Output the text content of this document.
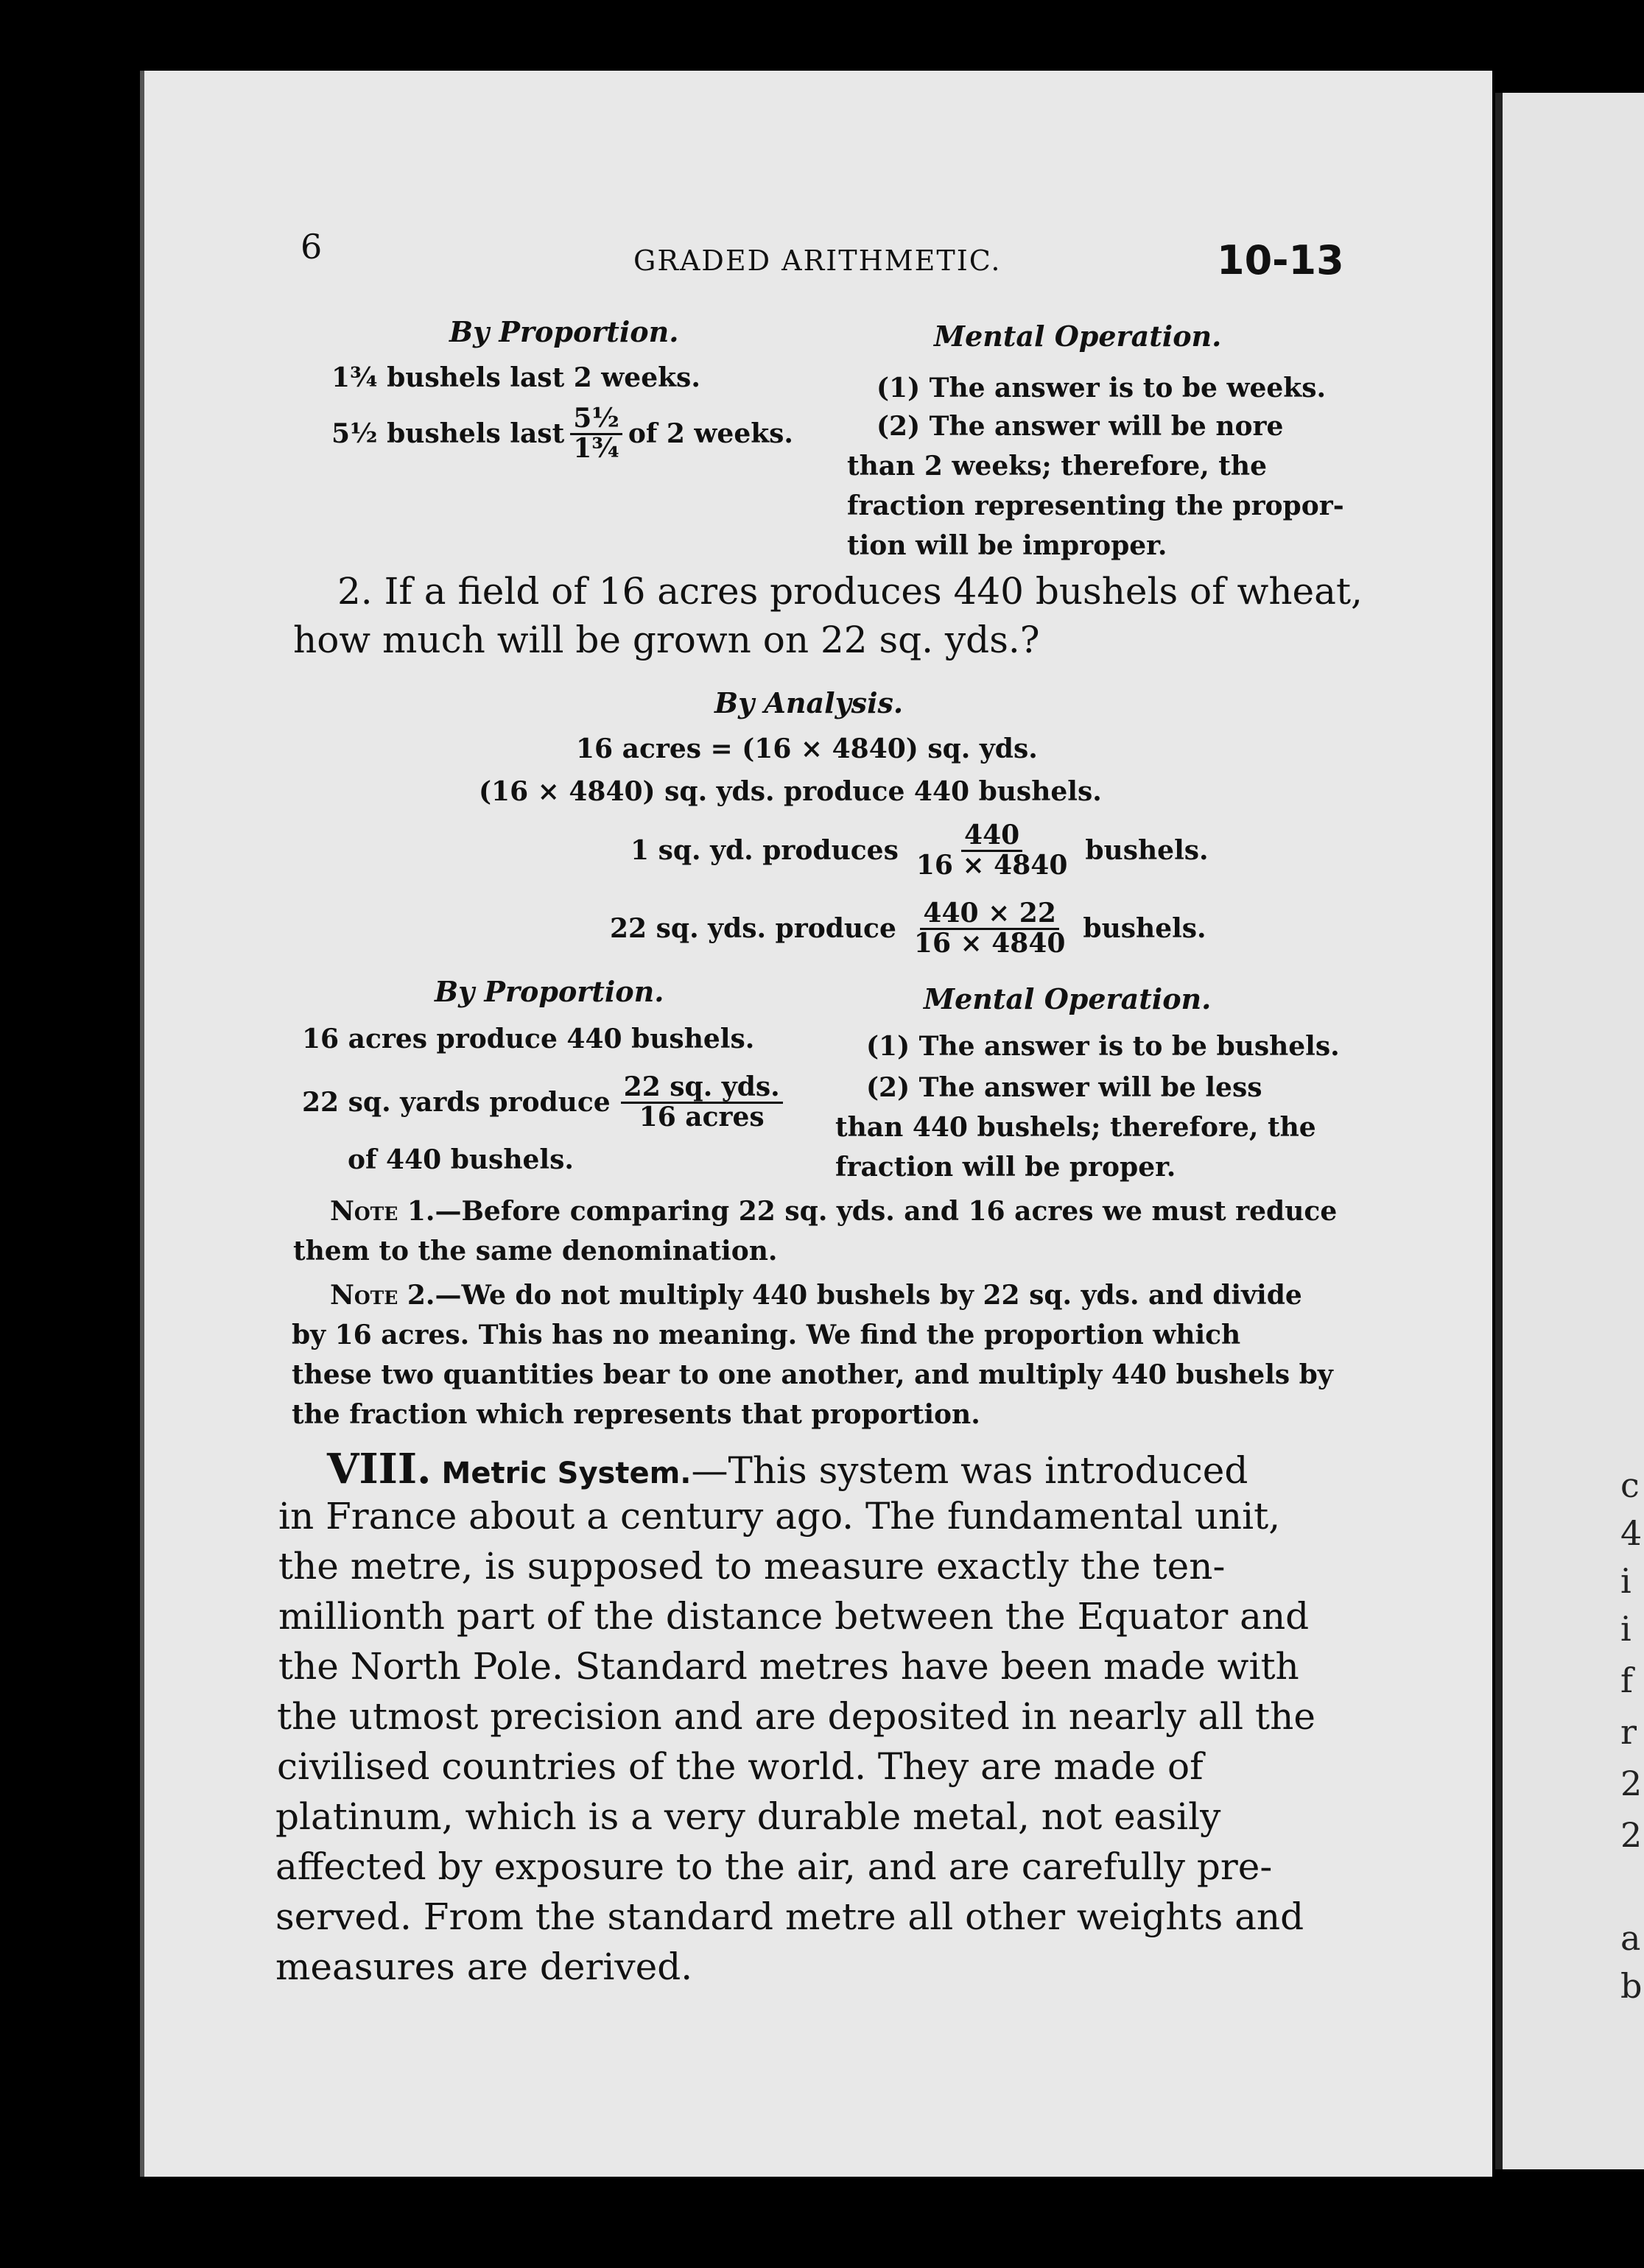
c
4
i
i
f
r
2
2
a
b
6	GRADED ARITHMETIC.	10-13
By Proportion.
1¾ bushels last 2 weeks.
5½ bushels last $\frac{\text{5½}}{\text{1¾}}$ of 2 weeks.
Mental Operation.
(1) The answer is to be weeks.
(2) The answer will be nore
than 2 weeks; therefore, the
fraction representing the propor-
tion will be improper.
2. If a field of 16 acres produces 440 bushels of wheat,
how much will be grown on 22 sq. yds.?
By Analysis.
16 acres = (16 × 4840) sq. yds.
(16 × 4840) sq. yds. produce 440 bushels.
1 sq. yd. produces $\frac{440}{16 \times 4840}$ bushels.
22 sq. yds. produce $\frac{440 \times 22}{16 \times 4840}$ bushels.
By Proportion.
16 acres produce 440 bushels.
22 sq. yards produce $\frac{\text{22 sq. yds.}}{\text{16 acres}}$
of 440 bushels.
Mental Operation.
(1) The answer is to be bushels.
(2) The answer will be less
than 440 bushels; therefore, the
fraction will be proper.
Note 1.—Before comparing 22 sq. yds. and 16 acres we must reduce
them to the same denomination.
Note 2.—We do not multiply 440 bushels by 22 sq. yds. and divide
by 16 acres. This has no meaning. We find the proportion which
these two quantities bear to one another, and multiply 440 bushels by
the fraction which represents that proportion.
VIII. Metric System. —This system was introduced
in France about a century ago. The fundamental unit,
the metre, is supposed to measure exactly the ten-
millionth part of the distance between the Equator and
the North Pole. Standard metres have been made with
the utmost precision and are deposited in nearly all the
civilised countries of the world. They are made of
platinum, which is a very durable metal, not easily
affected by exposure to the air, and are carefully pre-
served. From the standard metre all other weights and
measures are derived.
